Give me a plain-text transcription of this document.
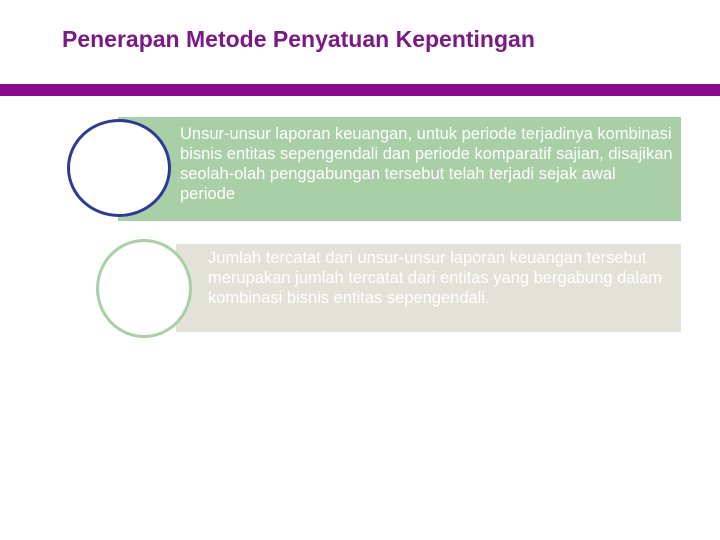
Penerapan Metode Penyatuan Kepentingan
Unsur-unsur laporan keuangan, untuk periode terjadinya kombinasi bisnis entitas sepengendali dan periode komparatif sajian, disajikan seolah-olah penggabungan tersebut telah terjadi sejak awal periode
Jumlah tercatat dari unsur-unsur laporan keuangan tersebut merupakan jumlah tercatat dari entitas yang bergabung dalam kombinasi bisnis entitas sepengendali.
